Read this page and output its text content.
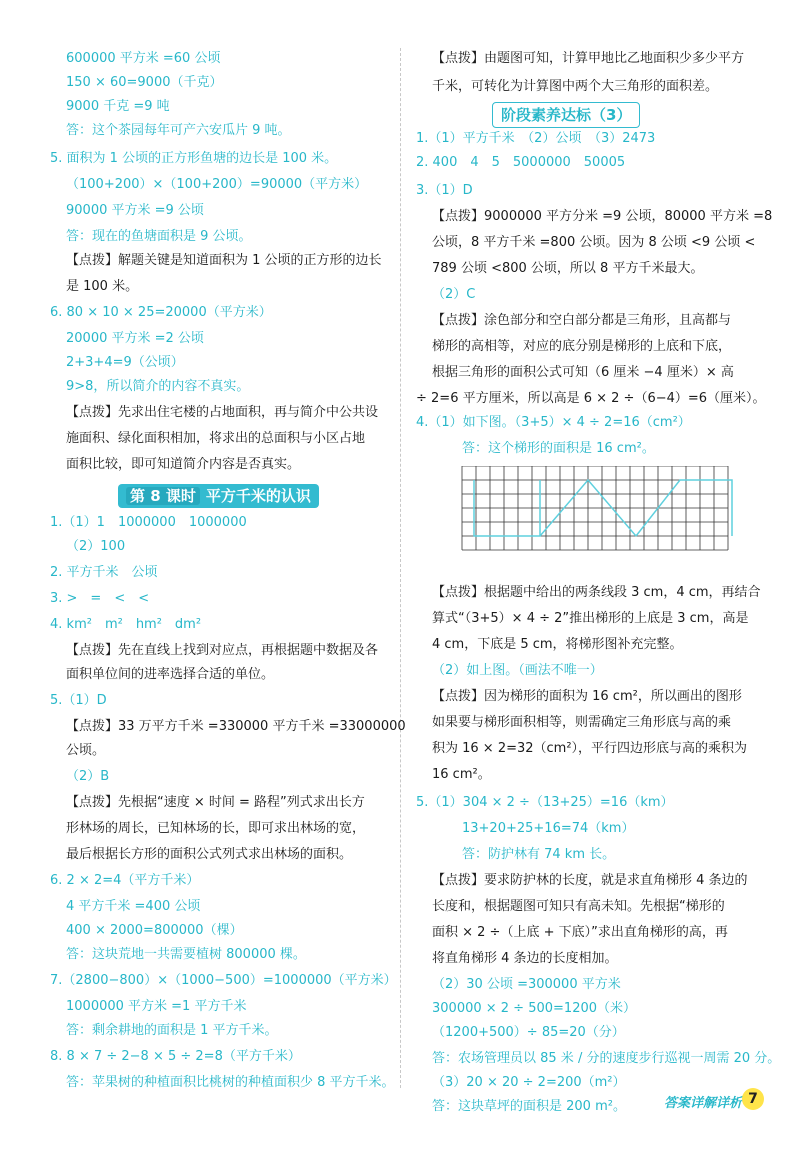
600000 平方米 =60 公顷
150 × 60=9000（千克）
9000 千克 =9 吨
答：这个茶园每年可产六安瓜片 9 吨。
5. 面积为 1 公顷的正方形鱼塘的边长是 100 米。
（100+200）×（100+200）=90000（平方米）
90000 平方米 =9 公顷
答：现在的鱼塘面积是 9 公顷。
【点拨】解题关键是知道面积为 1 公顷的正方形的边长
是 100 米。
6. 80 × 10 × 25=20000（平方米）
20000 平方米 =2 公顷
2+3+4=9（公顷）
9>8，所以简介的内容不真实。
【点拨】先求出住宅楼的占地面积，再与简介中公共设
施面积、绿化面积相加，将求出的总面积与小区占地
面积比较，即可知道简介内容是否真实。
1.（1）1　1000000　1000000
（2）100
2. 平方千米　公顷
3. >　=　<　<
4. km²　m²　hm²　dm²
【点拨】先在直线上找到对应点，再根据题中数据及各
面积单位间的进率选择合适的单位。
5.（1）D
【点拨】33 万平方千米 =330000 平方千米 =33000000
公顷。
（2）B
【点拨】先根据“速度 × 时间 = 路程”列式求出长方
形林场的周长，已知林场的长，即可求出林场的宽，
最后根据长方形的面积公式列式求出林场的面积。
6. 2 × 2=4（平方千米）
4 平方千米 =400 公顷
400 × 2000=800000（棵）
答：这块荒地一共需要植树 800000 棵。
7.（2800−800）×（1000−500）=1000000（平方米）
1000000 平方米 =1 平方千米
答：剩余耕地的面积是 1 平方千米。
8. 8 × 7 ÷ 2−8 × 5 ÷ 2=8（平方千米）
答：苹果树的种植面积比桃树的种植面积少 8 平方千米。
【点拨】由题图可知，计算甲地比乙地面积少多少平方
千米，可转化为计算图中两个大三角形的面积差。
1.（1）平方千米　（2）公顷　（3）2473
2. 400　4　5　5000000　50005
3.（1）D
【点拨】9000000 平方分米 =9 公顷，80000 平方米 =8
公顷，8 平方千米 =800 公顷。因为 8 公顷 <9 公顷 <
789 公顷 <800 公顷，所以 8 平方千米最大。
（2）C
【点拨】涂色部分和空白部分都是三角形，且高都与
梯形的高相等，对应的底分别是梯形的上底和下底，
根据三角形的面积公式可知（6 厘米 −4 厘米）× 高
÷ 2=6 平方厘米，所以高是 6 × 2 ÷（6−4）=6（厘米）。
4.（1）如下图。（3+5）× 4 ÷ 2=16（cm²）
答：这个梯形的面积是 16 cm²。
【点拨】根据题中给出的两条线段 3 cm，4 cm，再结合
算式“（3+5）× 4 ÷ 2”推出梯形的上底是 3 cm，高是
4 cm，下底是 5 cm，将梯形图补充完整。
（2）如上图。（画法不唯一）
【点拨】因为梯形的面积为 16 cm²，所以画出的图形
如果要与梯形面积相等，则需确定三角形底与高的乘
积为 16 × 2=32（cm²），平行四边形底与高的乘积为
16 cm²。
5.（1）304 × 2 ÷（13+25）=16（km）
13+20+25+16=74（km）
答：防护林有 74 km 长。
【点拨】要求防护林的长度，就是求直角梯形 4 条边的
长度和，根据题图可知只有高未知。先根据“梯形的
面积 × 2 ÷（上底 + 下底）”求出直角梯形的高，再
将直角梯形 4 条边的长度相加。
（2）30 公顷 =300000 平方米
300000 × 2 ÷ 500=1200（米）
（1200+500）÷ 85=20（分）
答：农场管理员以 85 米 / 分的速度步行巡视一周需 20 分。
（3）20 × 20 ÷ 2=200（m²）
答：这块草坪的面积是 200 m²。
第 8 课时 平方千米的认识
阶段素养达标（3）
答案详解详析 7
